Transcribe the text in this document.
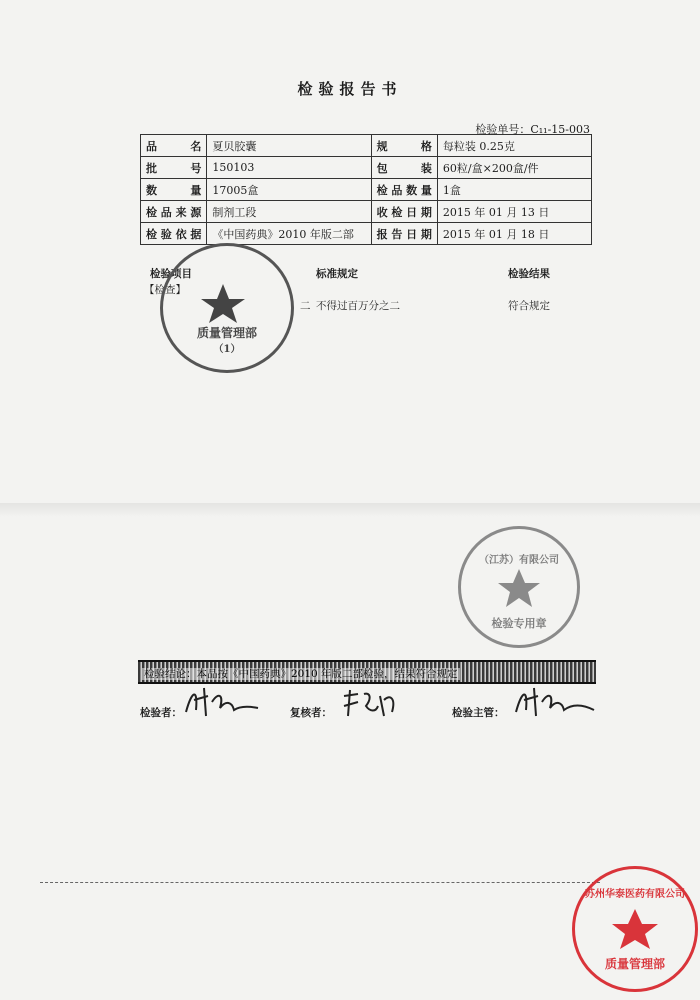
检验报告书
检验单号：C₁₁-15-003
品名	夏贝胶囊	规格	每粒装 0.25克
批号	150103	包装	60粒/盒×200盒/件
数量	17005盒	检品数量	1盒
检品来源	制剂工段	收检日期	2015 年 01 月 13 日
检验依据	《中国药典》2010 年版二部	报告日期	2015 年 01 月 18 日
检验项目	标准规定	检验结果
【检查】
二 不得过百万分之二	符合规定
质量管理部
（1）
（江苏）有限公司
检验专用章
检验结论：本品按《中国药典》2010 年版二部检验，结果符合规定
检验者：	复核者：	检验主管：
苏州华泰医药有限公司
质量管理部
